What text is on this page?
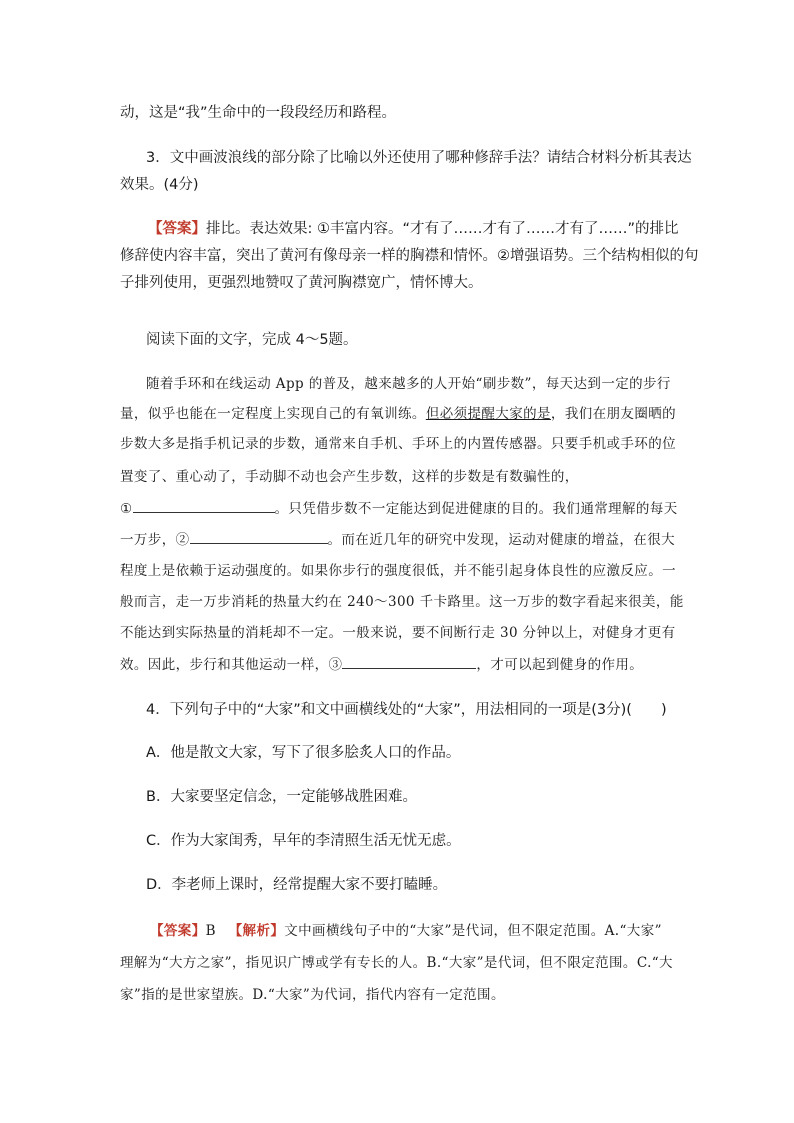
动，这是“我”生命中的一段段经历和路程。
3．文中画波浪线的部分除了比喻以外还使用了哪种修辞手法？请结合材料分析其表达
效果。(4分)
【答案】排比。表达效果: ①丰富内容。“才有了……才有了……才有了……”的排比
修辞使内容丰富，突出了黄河有像母亲一样的胸襟和情怀。②增强语势。三个结构相似的句
子排列使用，更强烈地赞叹了黄河胸襟宽广，情怀博大。
阅读下面的文字，完成 4～5题。
随着手环和在线运动 App 的普及，越来越多的人开始“刷步数”，每天达到一定的步行
量，似乎也能在一定程度上实现自己的有氧训练。但必须提醒大家的是，我们在朋友圈晒的
步数大多是指手机记录的步数，通常来自手机、手环上的内置传感器。只要手机或手环的位
置变了、重心动了，手动脚不动也会产生步数，这样的步数是有数骗性的，
①	。只凭借步数不一定能达到促进健康的目的。我们通常理解的每天
一万步，②	。而在近几年的研究中发现，运动对健康的增益，在很大
程度上是依赖于运动强度的。如果你步行的强度很低，并不能引起身体良性的应激反应。一
般而言，走一万步消耗的热量大约在 240～300 千卡路里。这一万步的数字看起来很美，能
不能达到实际热量的消耗却不一定。一般来说，要不间断行走 30 分钟以上，对健身才更有
效。因此，步行和其他运动一样，③	，才可以起到健身的作用。
4．下列句子中的“大家”和文中画横线处的“大家”，用法相同的一项是(3分)(　　)
A．他是散文大家，写下了很多脍炙人口的作品。
B．大家要坚定信念，一定能够战胜困难。
C．作为大家闺秀，早年的李清照生活无忧无虑。
D．李老师上课时，经常提醒大家不要打瞌睡。
【答案】B 【解析】文中画横线句子中的“大家”是代词，但不限定范围。A.“大家”
理解为“大方之家”，指见识广博或学有专长的人。B.“大家”是代词，但不限定范围。C.“大
家”指的是世家望族。D.“大家”为代词，指代内容有一定范围。
